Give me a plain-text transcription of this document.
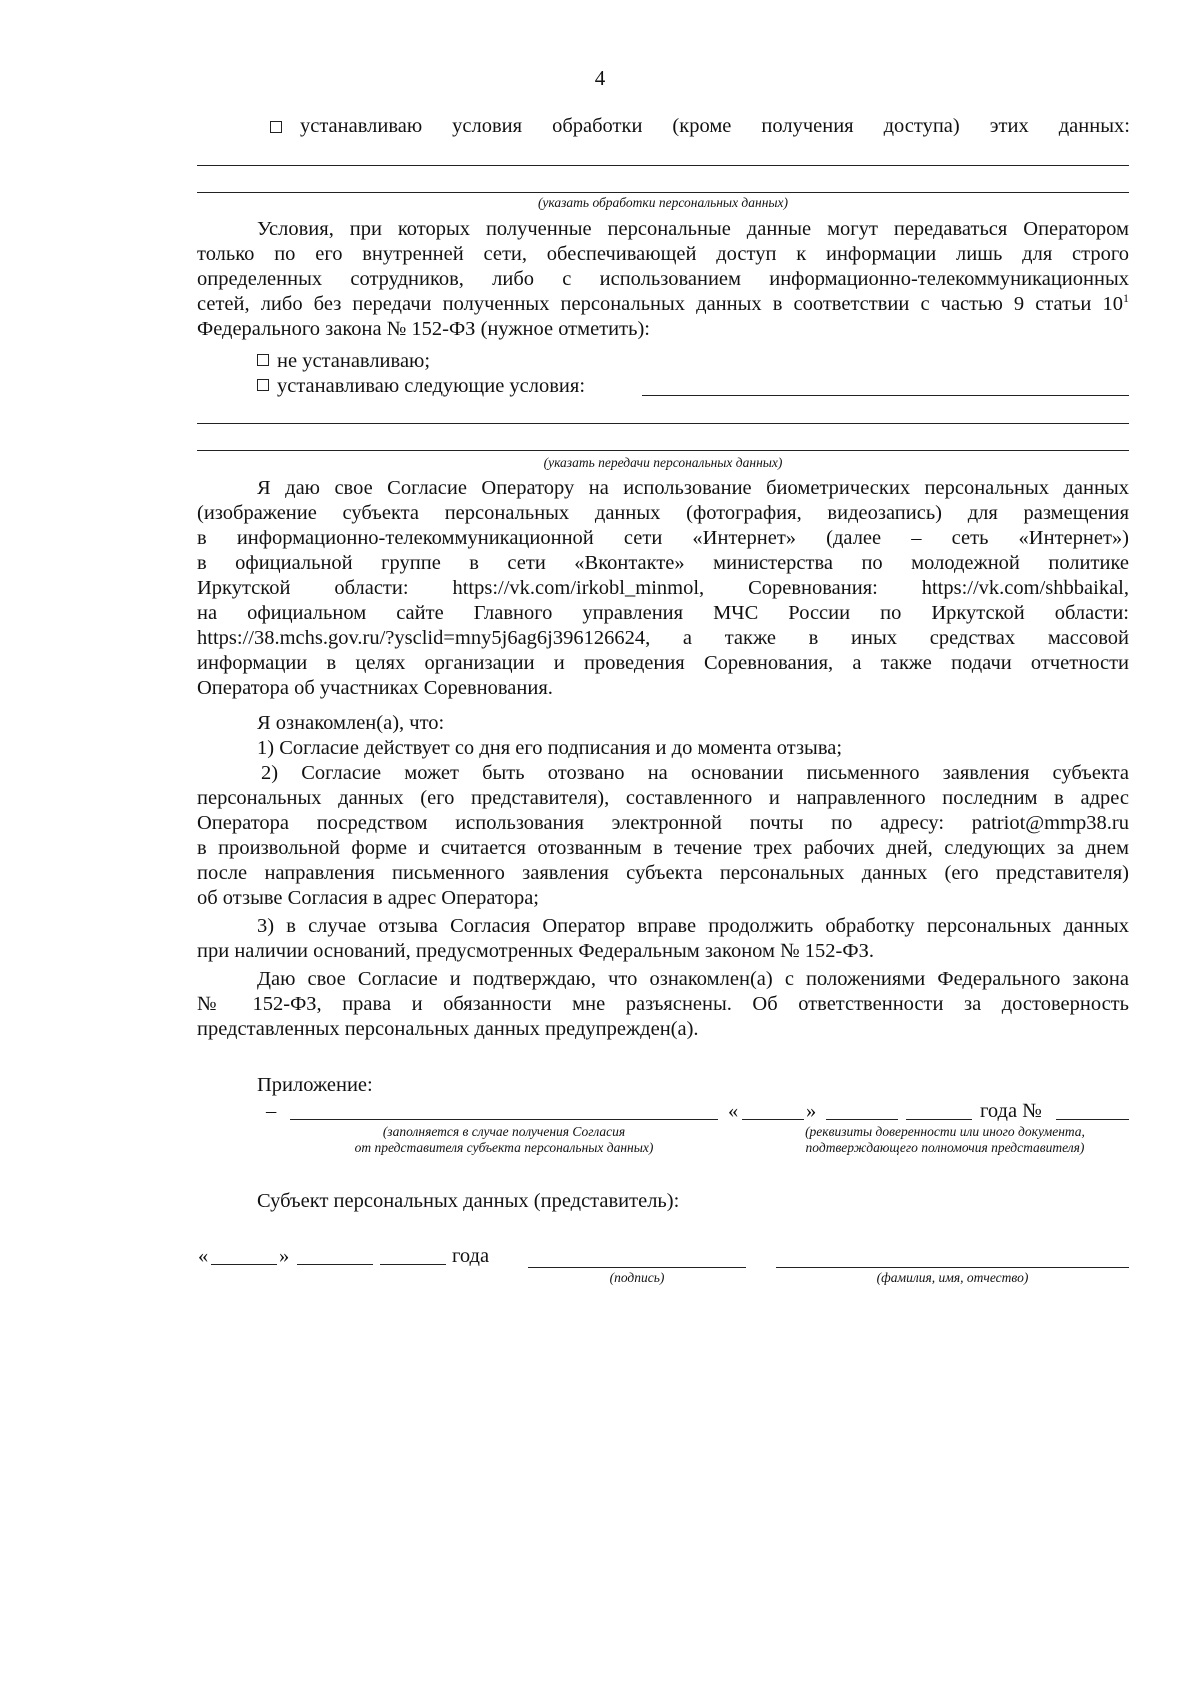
4
устанавливаю условия обработки (кроме получения доступа) этих данных:
(указать обработки персональных данных)
Условия, при которых полученные персональные данные могут передаваться Оператором
только по его внутренней сети, обеспечивающей доступ к информации лишь для строго
определенных сотрудников, либо с использованием информационно-телекоммуникационных
сетей, либо без передачи полученных персональных данных в соответствии с частью 9 статьи $10^1$
Федерального закона № 152-ФЗ (нужное отметить):
не устанавливаю;
устанавливаю следующие условия:
(указать передачи персональных данных)
Я даю свое Согласие Оператору на использование биометрических персональных данных
(изображение субъекта персональных данных (фотография, видеозапись) для размещения
в информационно-телекоммуникационной сети «Интернет» (далее – сеть «Интернет»)
в официальной группе в сети «Вконтакте» министерства по молодежной политике
Иркутской области: https://vk.com/irkobl_minmol, Соревнования: https://vk.com/shbbaikal,
на официальном сайте Главного управления МЧС России по Иркутской области:
https://38.mchs.gov.ru/?ysclid=mny5j6ag6j396126624, а также в иных средствах массовой
информации в целях организации и проведения Соревнования, а также подачи отчетности
Оператора об участниках Соревнования.
Я ознакомлен(а), что:
1) Согласие действует со дня его подписания и до момента отзыва;
2) Согласие может быть отозвано на основании письменного заявления субъекта
персональных данных (его представителя), составленного и направленного последним в адрес
Оператора посредством использования электронной почты по адресу: patriot@mmp38.ru
в произвольной форме и считается отозванным в течение трех рабочих дней, следующих за днем
после направления письменного заявления субъекта персональных данных (его представителя)
об отзыве Согласия в адрес Оператора;
3) в случае отзыва Согласия Оператор вправе продолжить обработку персональных данных
при наличии оснований, предусмотренных Федеральным законом № 152-ФЗ.
Даю свое Согласие и подтверждаю, что ознакомлен(а) с положениями Федерального закона
№ 152-ФЗ, права и обязанности мне разъяснены. Об ответственности за достоверность
представленных персональных данных предупрежден(а).
Приложение:
–	«	»	года №
(заполняется в случае получения Согласия
от представителя субъекта персональных данных)
(реквизиты доверенности или иного документа,
подтверждающего полномочия представителя)
Субъект персональных данных (представитель):
«	»	года
(подпись)	(фамилия, имя, отчество)
